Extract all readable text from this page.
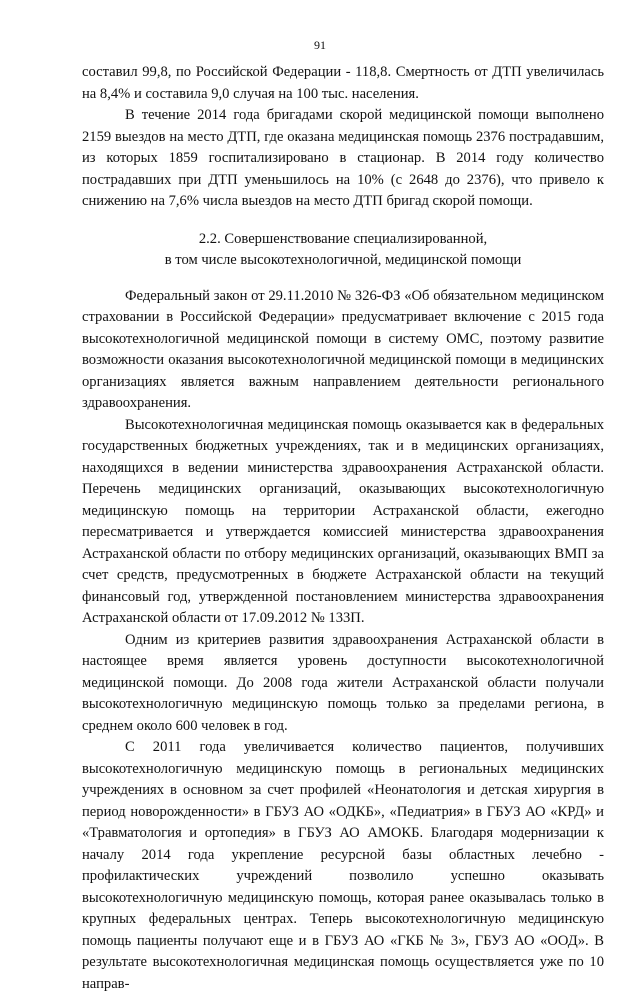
91

составил 99,8, по Российской Федерации - 118,8. Смертность от ДТП увеличилась на 8,4% и составила 9,0 случая на 100 тыс. населения.

В течение 2014 года бригадами скорой медицинской помощи выполнено 2159 выездов на место ДТП, где оказана медицинская помощь 2376 пострадавшим, из которых 1859 госпитализировано в стационар. В 2014 году количество пострадавших при ДТП уменьшилось на 10% (с 2648 до 2376), что привело к снижению на 7,6% числа выездов на место ДТП бригад скорой помощи.

2.2. Совершенствование специализированной,
в том числе высокотехнологичной, медицинской помощи

Федеральный закон от 29.11.2010 № 326-ФЗ «Об обязательном медицинском страховании в Российской Федерации» предусматривает включение с 2015 года высокотехнологичной медицинской помощи в систему ОМС, поэтому развитие возможности оказания высокотехнологичной медицинской помощи в медицинских организациях является важным направлением деятельности регионального здравоохранения.

Высокотехнологичная медицинская помощь оказывается как в федеральных государственных бюджетных учреждениях, так и в медицинских организациях, находящихся в ведении министерства здравоохранения Астраханской области. Перечень медицинских организаций, оказывающих высокотехнологичную медицинскую помощь на территории Астраханской области, ежегодно пересматривается и утверждается комиссией министерства здравоохранения Астраханской области по отбору медицинских организаций, оказывающих ВМП за счет средств, предусмотренных в бюджете Астраханской области на текущий финансовый год, утвержденной постановлением министерства здравоохранения Астраханской области от 17.09.2012 № 133П.

Одним из критериев развития здравоохранения Астраханской области в настоящее время является уровень доступности высокотехнологичной медицинской помощи. До 2008 года жители Астраханской области получали высокотехнологичную медицинскую помощь только за пределами региона, в среднем около 600 человек в год.

С 2011 года увеличивается количество пациентов, получивших высокотехнологичную медицинскую помощь в региональных медицинских учреждениях в основном за счет профилей «Неонатология и детская хирургия в период новорожденности» в ГБУЗ АО «ОДКБ», «Педиатрия» в ГБУЗ АО «КРД» и «Травматология и ортопедия» в ГБУЗ АО АМОКБ. Благодаря модернизации к началу 2014 года укрепление ресурсной базы областных лечебно - профилактических учреждений позволило успешно оказывать высокотехнологичную медицинскую помощь, которая ранее оказывалась только в крупных федеральных центрах. Теперь высокотехнологичную медицинскую помощь пациенты получают еще и в ГБУЗ АО «ГКБ № 3», ГБУЗ АО «ООД». В результате высокотехнологичная медицинская помощь осуществляется уже по 10 направ-
